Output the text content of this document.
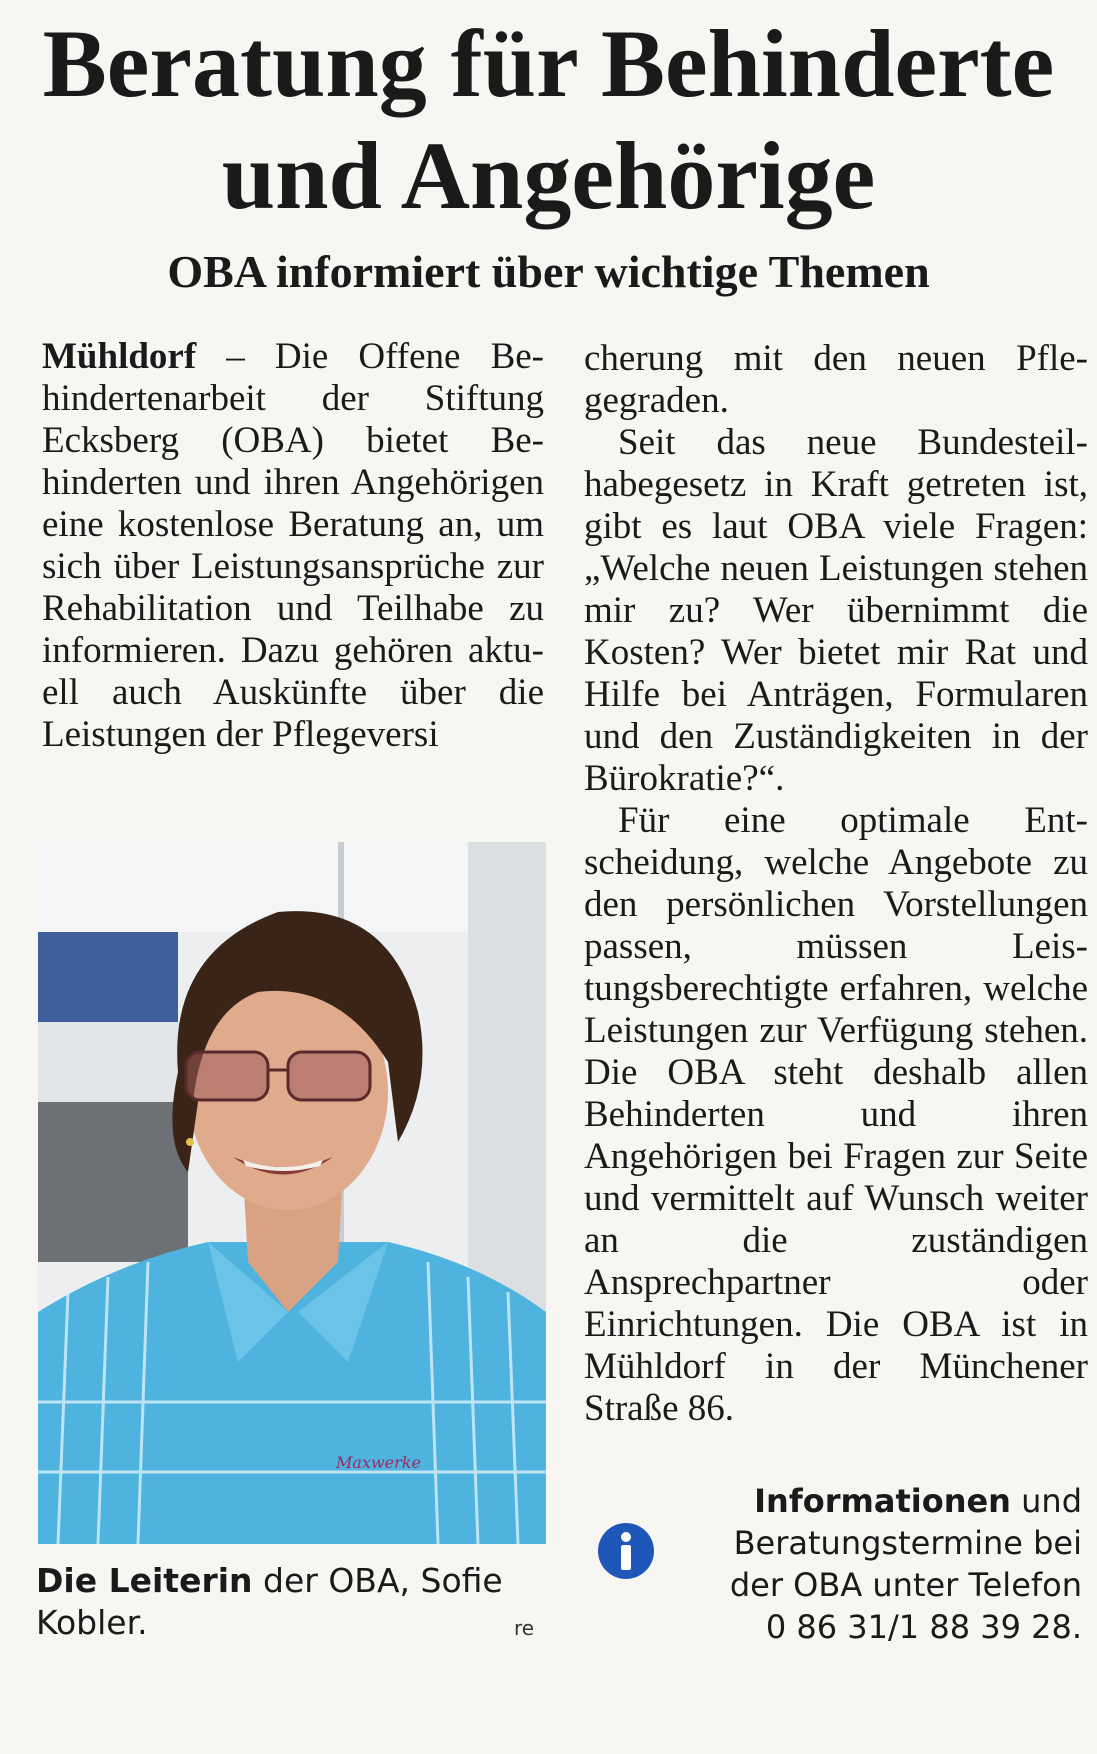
Beratung für Behinderte
und Angehörige
OBA informiert über wichtige Themen

Mühldorf – Die Offene Behindertenarbeit der Stiftung Ecksberg (OBA) bietet Behinderten und ihren Angehörigen eine kostenlose Beratung an, um sich über Leistungsansprüche zur Rehabilitation und Teilhabe zu informieren. Dazu gehören aktuell auch Auskünfte über die Leistungen der Pflegeversi

cherung mit den neuen Pflegegraden.

Seit das neue Bundesteilhabegesetz in Kraft getreten ist, gibt es laut OBA viele Fragen: „Welche neuen Leistungen stehen mir zu? Wer übernimmt die Kosten? Wer bietet mir Rat und Hilfe bei Anträgen, Formularen und den Zuständigkeiten in der Bürokratie?“.

Für eine optimale Entscheidung, welche Angebote zu den persönlichen Vorstellungen passen, müssen Leistungsberechtigte erfahren, welche Leistungen zur Verfügung stehen. Die OBA steht deshalb allen Behinderten und ihren Angehörigen bei Fragen zur Seite und vermittelt auf Wunsch weiter an die zuständigen Ansprechpartner oder Einrichtungen. Die OBA ist in Mühldorf in der Münchener Straße 86.

Maxwerke

Die Leiterin der OBA, Sofie Kobler.	re

Informationen und
Beratungstermine bei
der OBA unter Telefon
0 86 31/1 88 39 28.
